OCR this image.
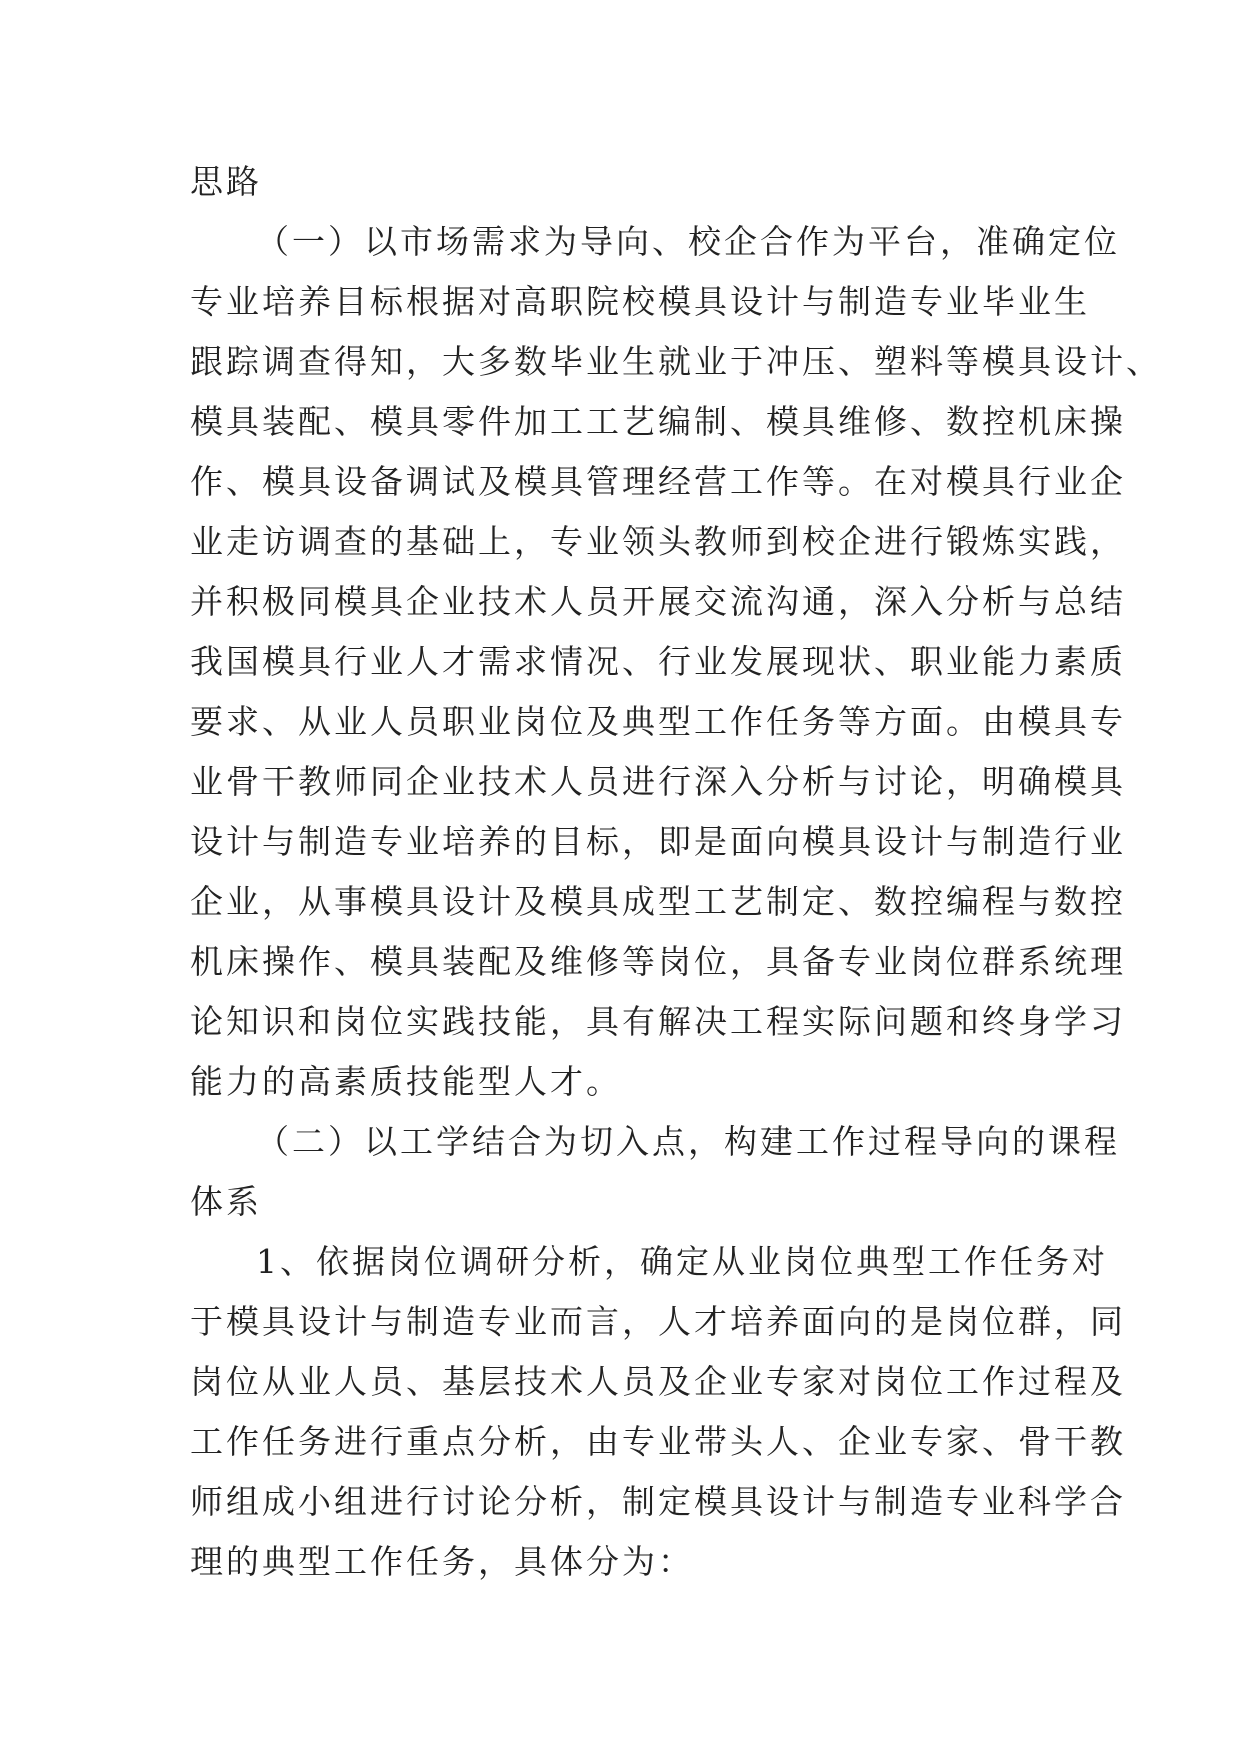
思路
（一）以市场需求为导向、校企合作为平台，准确定位
专业培养目标根据对高职院校模具设计与制造专业毕业生
跟踪调查得知，大多数毕业生就业于冲压、塑料等模具设计、
模具装配、模具零件加工工艺编制、模具维修、数控机床操
作、模具设备调试及模具管理经营工作等。在对模具行业企
业走访调查的基础上，专业领头教师到校企进行锻炼实践，
并积极同模具企业技术人员开展交流沟通，深入分析与总结
我国模具行业人才需求情况、行业发展现状、职业能力素质
要求、从业人员职业岗位及典型工作任务等方面。由模具专
业骨干教师同企业技术人员进行深入分析与讨论，明确模具
设计与制造专业培养的目标，即是面向模具设计与制造行业
企业，从事模具设计及模具成型工艺制定、数控编程与数控
机床操作、模具装配及维修等岗位，具备专业岗位群系统理
论知识和岗位实践技能，具有解决工程实际问题和终身学习
能力的高素质技能型人才。
（二）以工学结合为切入点，构建工作过程导向的课程
体系
1、依据岗位调研分析，确定从业岗位典型工作任务对
于模具设计与制造专业而言，人才培养面向的是岗位群，同
岗位从业人员、基层技术人员及企业专家对岗位工作过程及
工作任务进行重点分析，由专业带头人、企业专家、骨干教
师组成小组进行讨论分析，制定模具设计与制造专业科学合
理的典型工作任务，具体分为：
